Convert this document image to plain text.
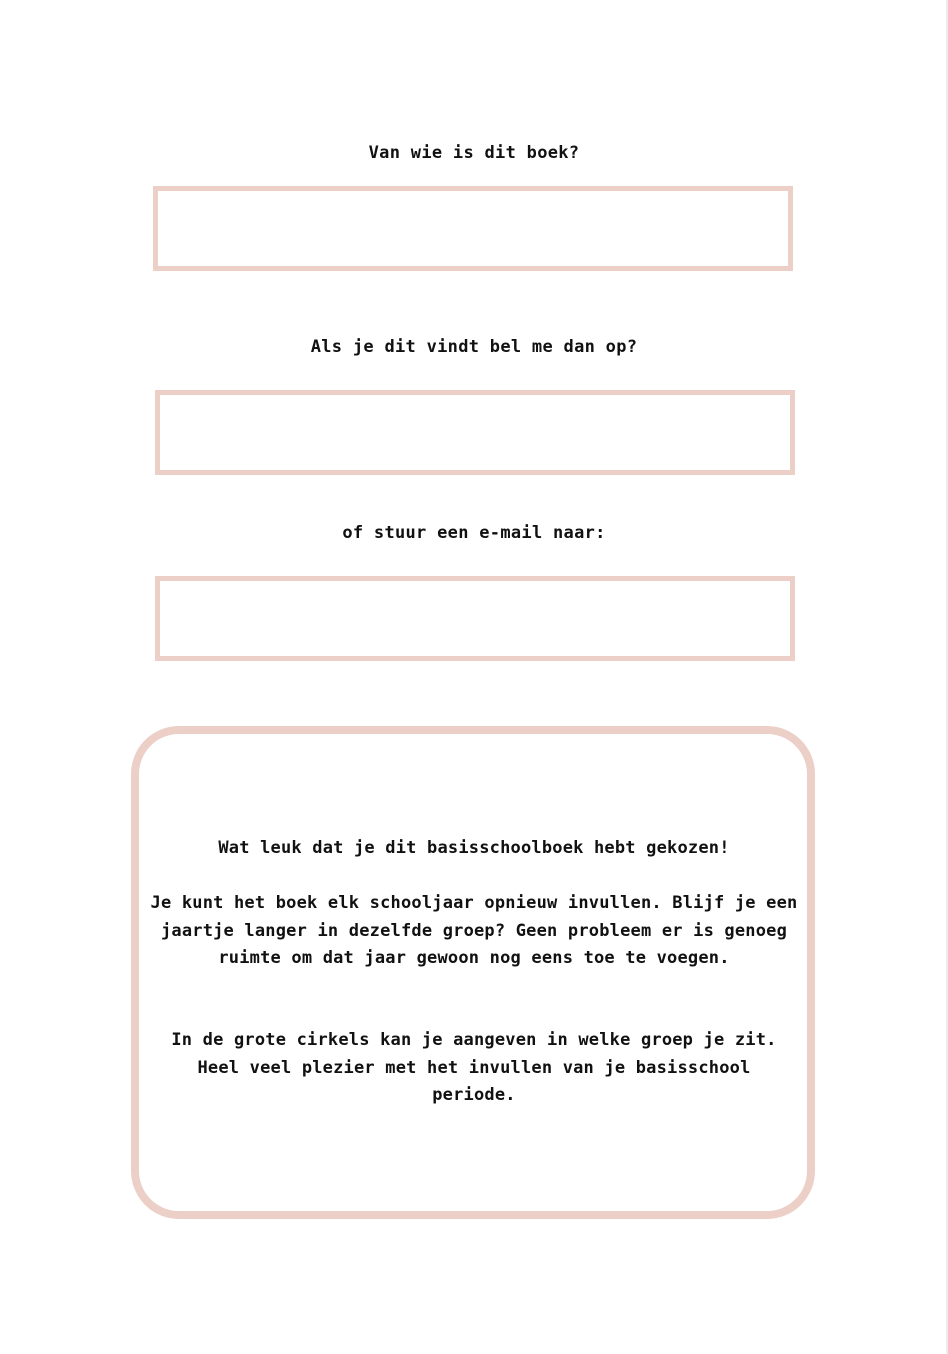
Van wie is dit boek?
Als je dit vindt bel me dan op?
of stuur een e-mail naar:
Wat leuk dat je dit basisschoolboek hebt gekozen!
Je kunt het boek elk schooljaar opnieuw invullen. Blijf je een jaartje langer in dezelfde groep? Geen probleem er is genoeg ruimte om dat jaar gewoon nog eens toe te voegen.
In de grote cirkels kan je aangeven in welke groep je zit. Heel veel plezier met het invullen van je basisschool periode.
